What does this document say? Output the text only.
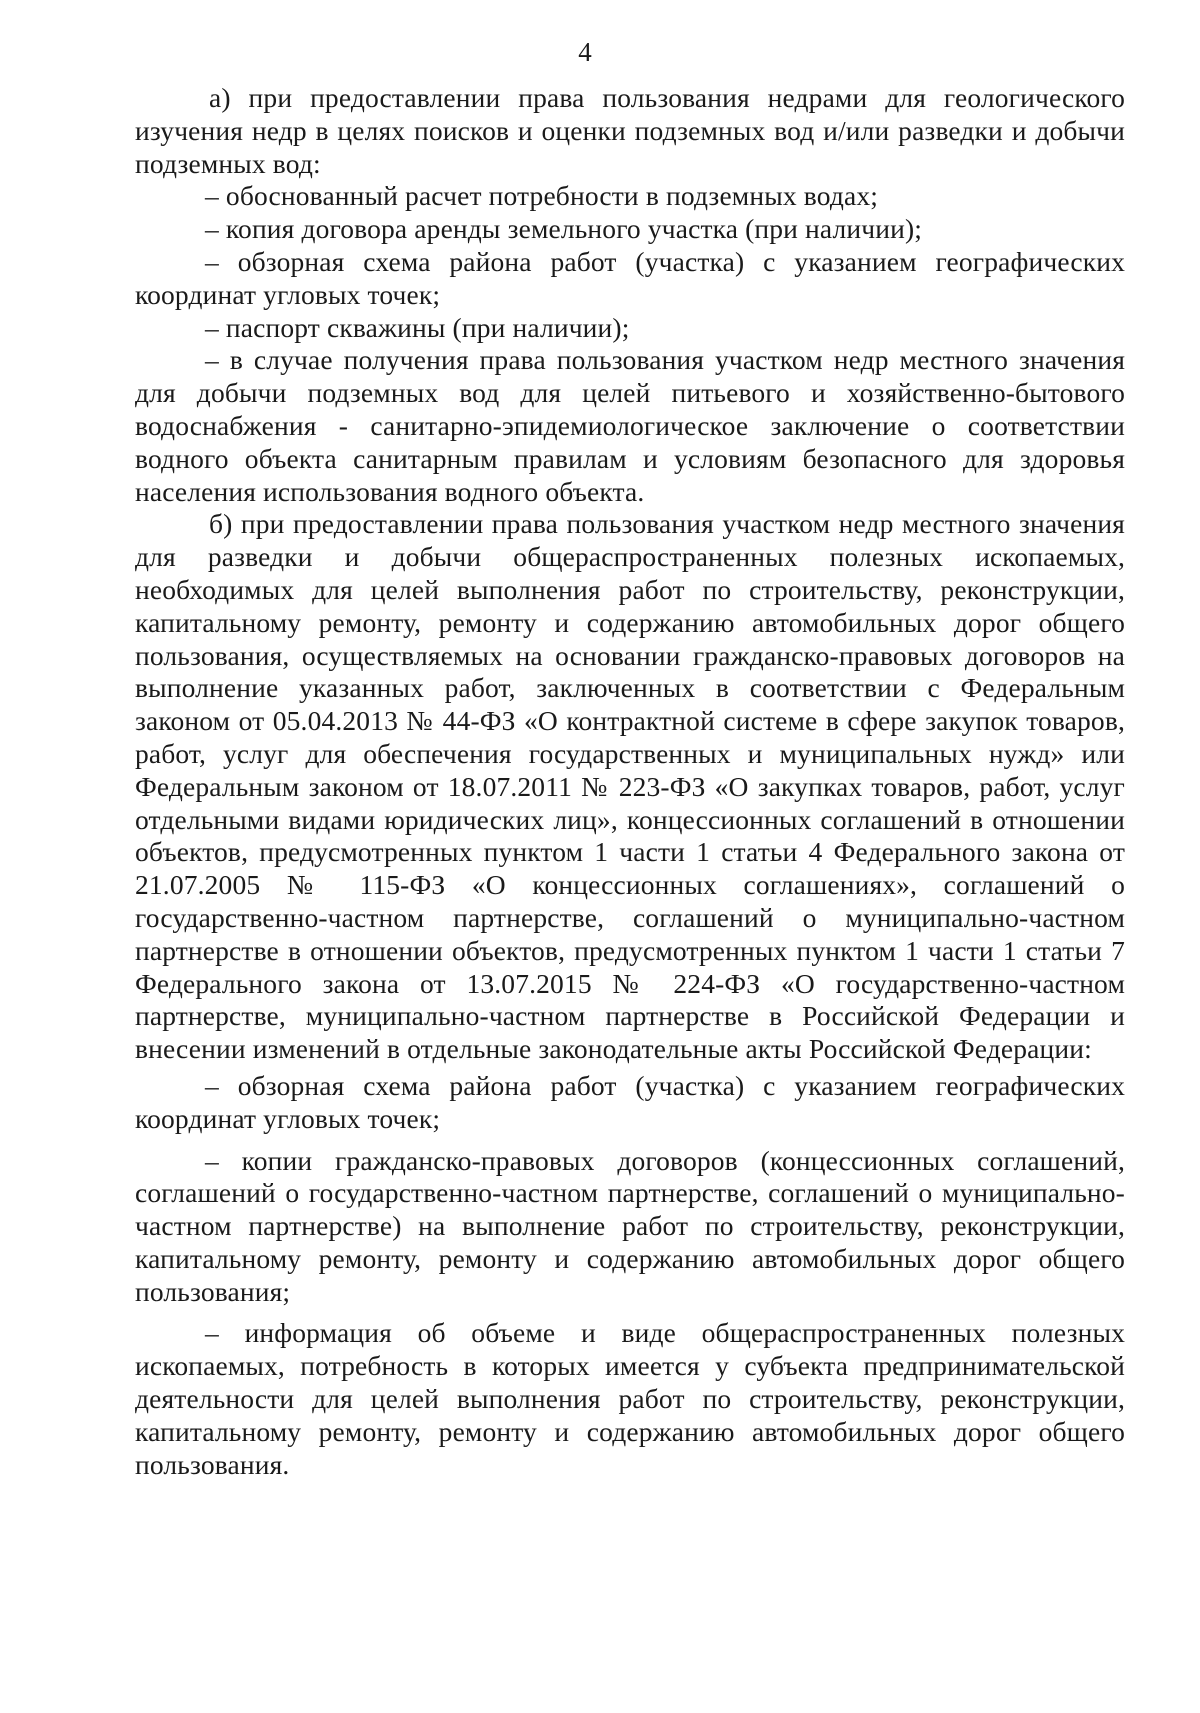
4

а) при предоставлении права пользования недрами для геологического изучения недр в целях поисков и оценки подземных вод и/или разведки и добычи подземных вод:

– обоснованный расчет потребности в подземных водах;

– копия договора аренды земельного участка (при наличии);

– обзорная схема района работ (участка) с указанием географических координат угловых точек;

– паспорт скважины (при наличии);

– в случае получения права пользования участком недр местного значения для добычи подземных вод для целей питьевого и хозяйственно-бытового водоснабжения - санитарно-эпидемиологическое заключение о соответствии водного объекта санитарным правилам и условиям безопасного для здоровья населения использования водного объекта.

б) при предоставлении права пользования участком недр местного значения для разведки и добычи общераспространенных полезных ископаемых, необходимых для целей выполнения работ по строительству, реконструкции, капитальному ремонту, ремонту и содержанию автомобильных дорог общего пользования, осуществляемых на основании гражданско-правовых договоров на выполнение указанных работ, заключенных в соответствии с Федеральным законом от 05.04.2013 № 44-ФЗ «О контрактной системе в сфере закупок товаров, работ, услуг для обеспечения государственных и муниципальных нужд» или Федеральным законом от 18.07.2011 № 223-ФЗ «О закупках товаров, работ, услуг отдельными видами юридических лиц», концессионных соглашений в отношении объектов, предусмотренных пунктом 1 части 1 статьи 4 Федерального закона от 21.07.2005 № 115-ФЗ «О концессионных соглашениях», соглашений о государственно-частном партнерстве, соглашений о муниципально-частном партнерстве в отношении объектов, предусмотренных пунктом 1 части 1 статьи 7 Федерального закона от 13.07.2015 № 224-ФЗ «О государственно-частном партнерстве, муниципально-частном партнерстве в Российской Федерации и внесении изменений в отдельные законодательные акты Российской Федерации:

– обзорная схема района работ (участка) с указанием географических координат угловых точек;

– копии гражданско-правовых договоров (концессионных соглашений, соглашений о государственно-частном партнерстве, соглашений о муниципально-частном партнерстве) на выполнение работ по строительству, реконструкции, капитальному ремонту, ремонту и содержанию автомобильных дорог общего пользования;

– информация об объеме и виде общераспространенных полезных ископаемых, потребность в которых имеется у субъекта предпринимательской деятельности для целей выполнения работ по строительству, реконструкции, капитальному ремонту, ремонту и содержанию автомобильных дорог общего пользования.
